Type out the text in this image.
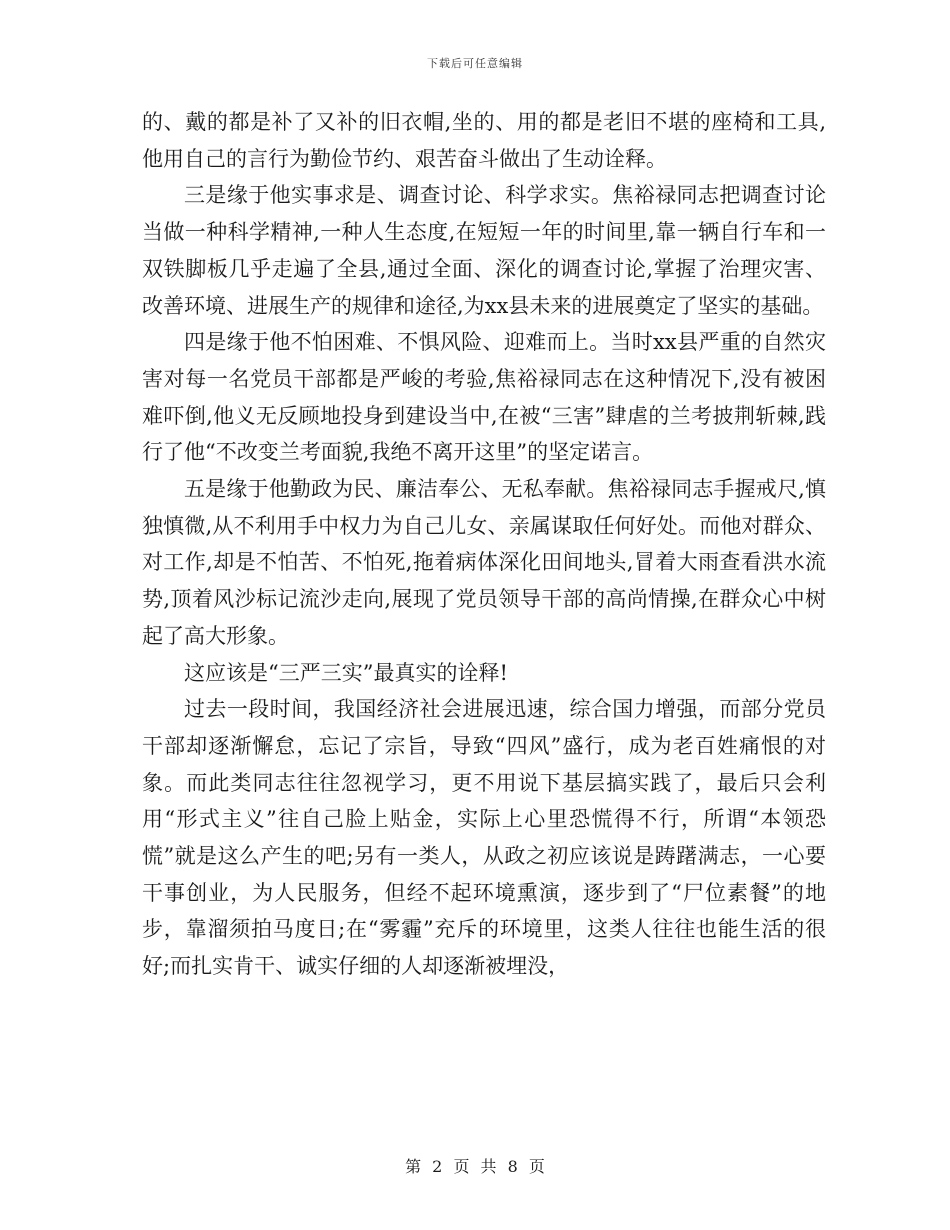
下载后可任意编辑

的、戴的都是补了又补的旧衣帽,坐的、用的都是老旧不堪的座椅和工具,他用自己的言行为勤俭节约、艰苦奋斗做出了生动诠释。

三是缘于他实事求是、调查讨论、科学求实。焦裕禄同志把调查讨论当做一种科学精神,一种人生态度,在短短一年的时间里,靠一辆自行车和一双铁脚板几乎走遍了全县,通过全面、深化的调查讨论,掌握了治理灾害、改善环境、进展生产的规律和途径,为xx县未来的进展奠定了坚实的基础。

四是缘于他不怕困难、不惧风险、迎难而上。当时xx县严重的自然灾害对每一名党员干部都是严峻的考验,焦裕禄同志在这种情况下,没有被困难吓倒,他义无反顾地投身到建设当中,在被“三害”肆虐的兰考披荆斩棘,践行了他“不改变兰考面貌,我绝不离开这里”的坚定诺言。

五是缘于他勤政为民、廉洁奉公、无私奉献。焦裕禄同志手握戒尺,慎独慎微,从不利用手中权力为自己儿女、亲属谋取任何好处。而他对群众、对工作,却是不怕苦、不怕死,拖着病体深化田间地头,冒着大雨查看洪水流势,顶着风沙标记流沙走向,展现了党员领导干部的高尚情操,在群众心中树起了高大形象。

这应该是“三严三实”最真实的诠释!

过去一段时间，我国经济社会进展迅速，综合国力增强，而部分党员干部却逐渐懈怠，忘记了宗旨，导致“四风”盛行，成为老百姓痛恨的对象。而此类同志往往忽视学习，更不用说下基层搞实践了，最后只会利用“形式主义”往自己脸上贴金，实际上心里恐慌得不行，所谓“本领恐慌”就是这么产生的吧;另有一类人，从政之初应该说是踌躇满志，一心要干事创业，为人民服务，但经不起环境熏演，逐步到了“尸位素餐”的地步，靠溜须拍马度日;在“雾霾”充斥的环境里，这类人往往也能生活的很好;而扎实肯干、诚实仔细的人却逐渐被埋没，

第 2 页 共 8 页
